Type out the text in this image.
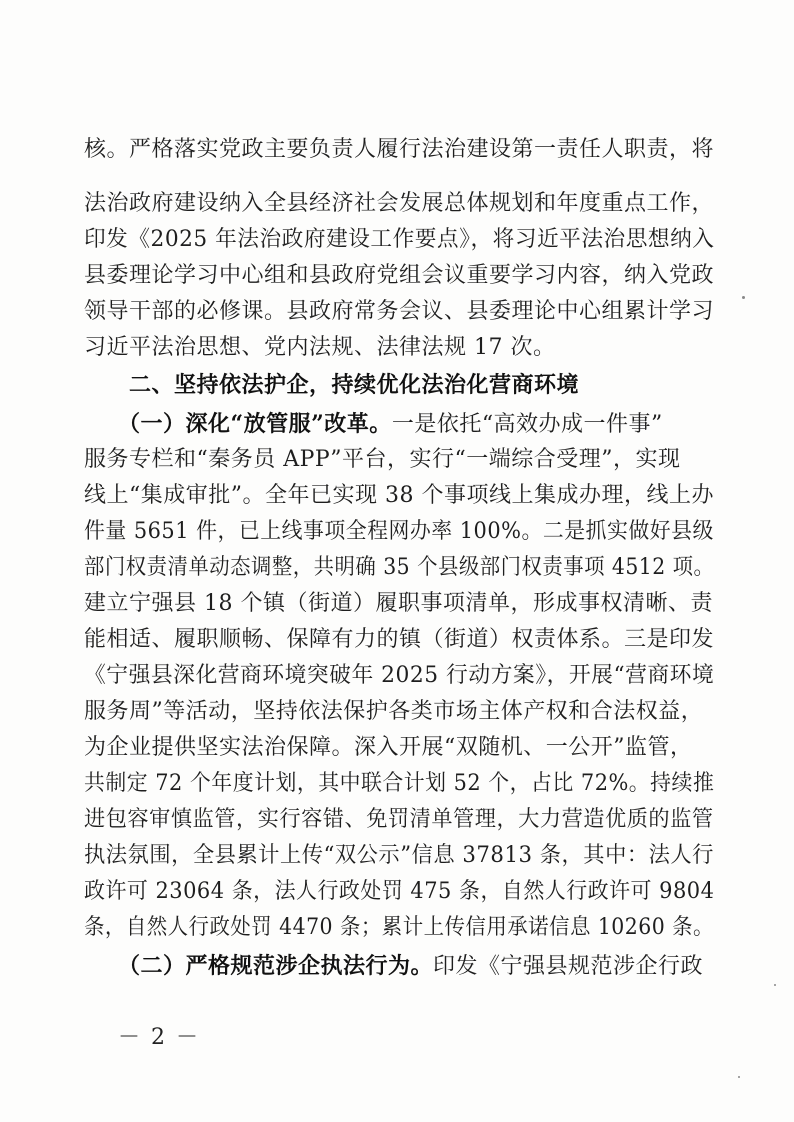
核。严格落实党政主要负责人履行法治建设第一责任人职责，将
法治政府建设纳入全县经济社会发展总体规划和年度重点工作，
印发《2025 年法治政府建设工作要点》，将习近平法治思想纳入
县委理论学习中心组和县政府党组会议重要学习内容，纳入党政
领导干部的必修课。县政府常务会议、县委理论中心组累计学习
习近平法治思想、党内法规、法律法规 17 次。
　　二、坚持依法护企，持续优化法治化营商环境
　　（一）深化“放管服”改革。一是依托“高效办成一件事”
服务专栏和“秦务员 APP”平台，实行“一端综合受理”，实现
线上“集成审批”。全年已实现 38 个事项线上集成办理，线上办
件量 5651 件，已上线事项全程网办率 100%。二是抓实做好县级
部门权责清单动态调整，共明确 35 个县级部门权责事项 4512 项。
建立宁强县 18 个镇（街道）履职事项清单，形成事权清晰、责
能相适、履职顺畅、保障有力的镇（街道）权责体系。三是印发
《宁强县深化营商环境突破年 2025 行动方案》，开展“营商环境
服务周”等活动，坚持依法保护各类市场主体产权和合法权益，
为企业提供坚实法治保障。深入开展“双随机、一公开”监管，
共制定 72 个年度计划，其中联合计划 52 个，占比 72%。持续推
进包容审慎监管，实行容错、免罚清单管理，大力营造优质的监管
执法氛围，全县累计上传“双公示”信息 37813 条，其中：法人行
政许可 23064 条，法人行政处罚 475 条，自然人行政许可 9804
条，自然人行政处罚 4470 条；累计上传信用承诺信息 10260 条。
　　（二）严格规范涉企执法行为。印发《宁强县规范涉企行政
－ 2 －
